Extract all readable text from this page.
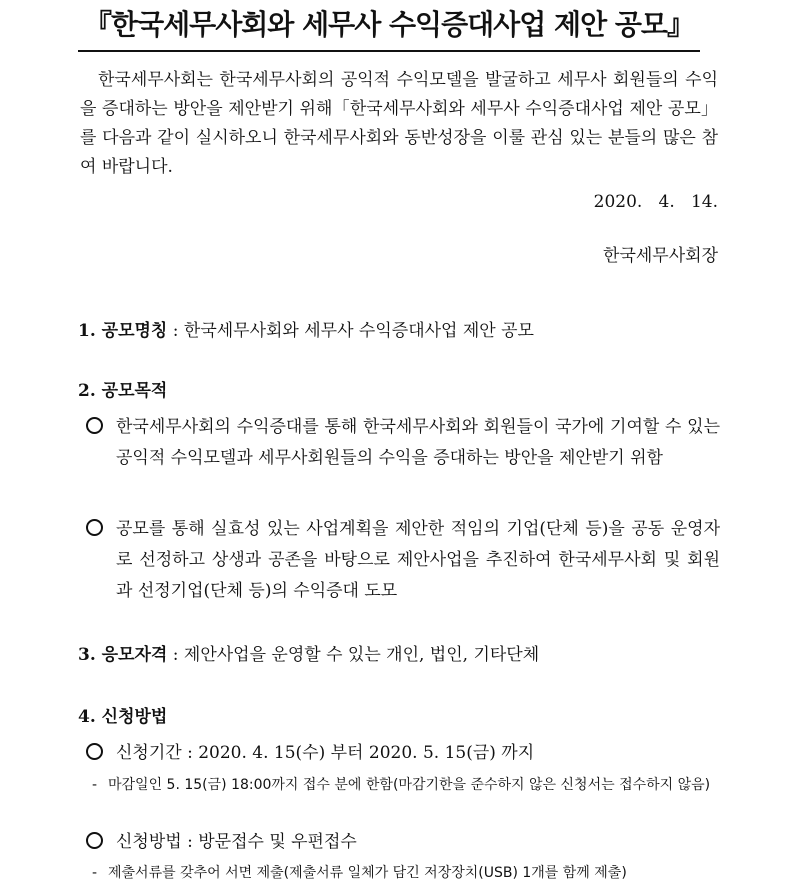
『한국세무사회와 세무사 수익증대사업 제안 공모』

한국세무사회는 한국세무사회의 공익적 수익모델을 발굴하고 세무사 회원들의 수익을 증대하는 방안을 제안받기 위해「한국세무사회와 세무사 수익증대사업 제안 공모」를 다음과 같이 실시하오니 한국세무사회와 동반성장을 이룰 관심 있는 분들의 많은 참여 바랍니다.

2020.   4.   14.
한국세무사회장
1. 공모명칭 : 한국세무사회와 세무사 수익증대사업 제안 공모
2. 공모목적
한국세무사회의 수익증대를 통해 한국세무사회와 회원들이 국가에 기여할 수 있는 공익적 수익모델과 세무사회원들의 수익을 증대하는 방안을 제안받기 위함
공모를 통해 실효성 있는 사업계획을 제안한 적임의 기업(단체 등)을 공동 운영자로 선정하고 상생과 공존을 바탕으로 제안사업을 추진하여 한국세무사회 및 회원과 선정기업(단체 등)의 수익증대 도모
3. 응모자격 : 제안사업을 운영할 수 있는 개인, 법인, 기타단체
4. 신청방법
신청기간 : 2020. 4. 15(수) 부터 2020. 5. 15(금) 까지
- 마감일인 5. 15(금) 18:00까지 접수 분에 한함(마감기한을 준수하지 않은 신청서는 접수하지 않음)
신청방법 : 방문접수 및 우편접수
- 제출서류를 갖추어 서면 제출(제출서류 일체가 담긴 저장장치(USB) 1개를 함께 제출)
